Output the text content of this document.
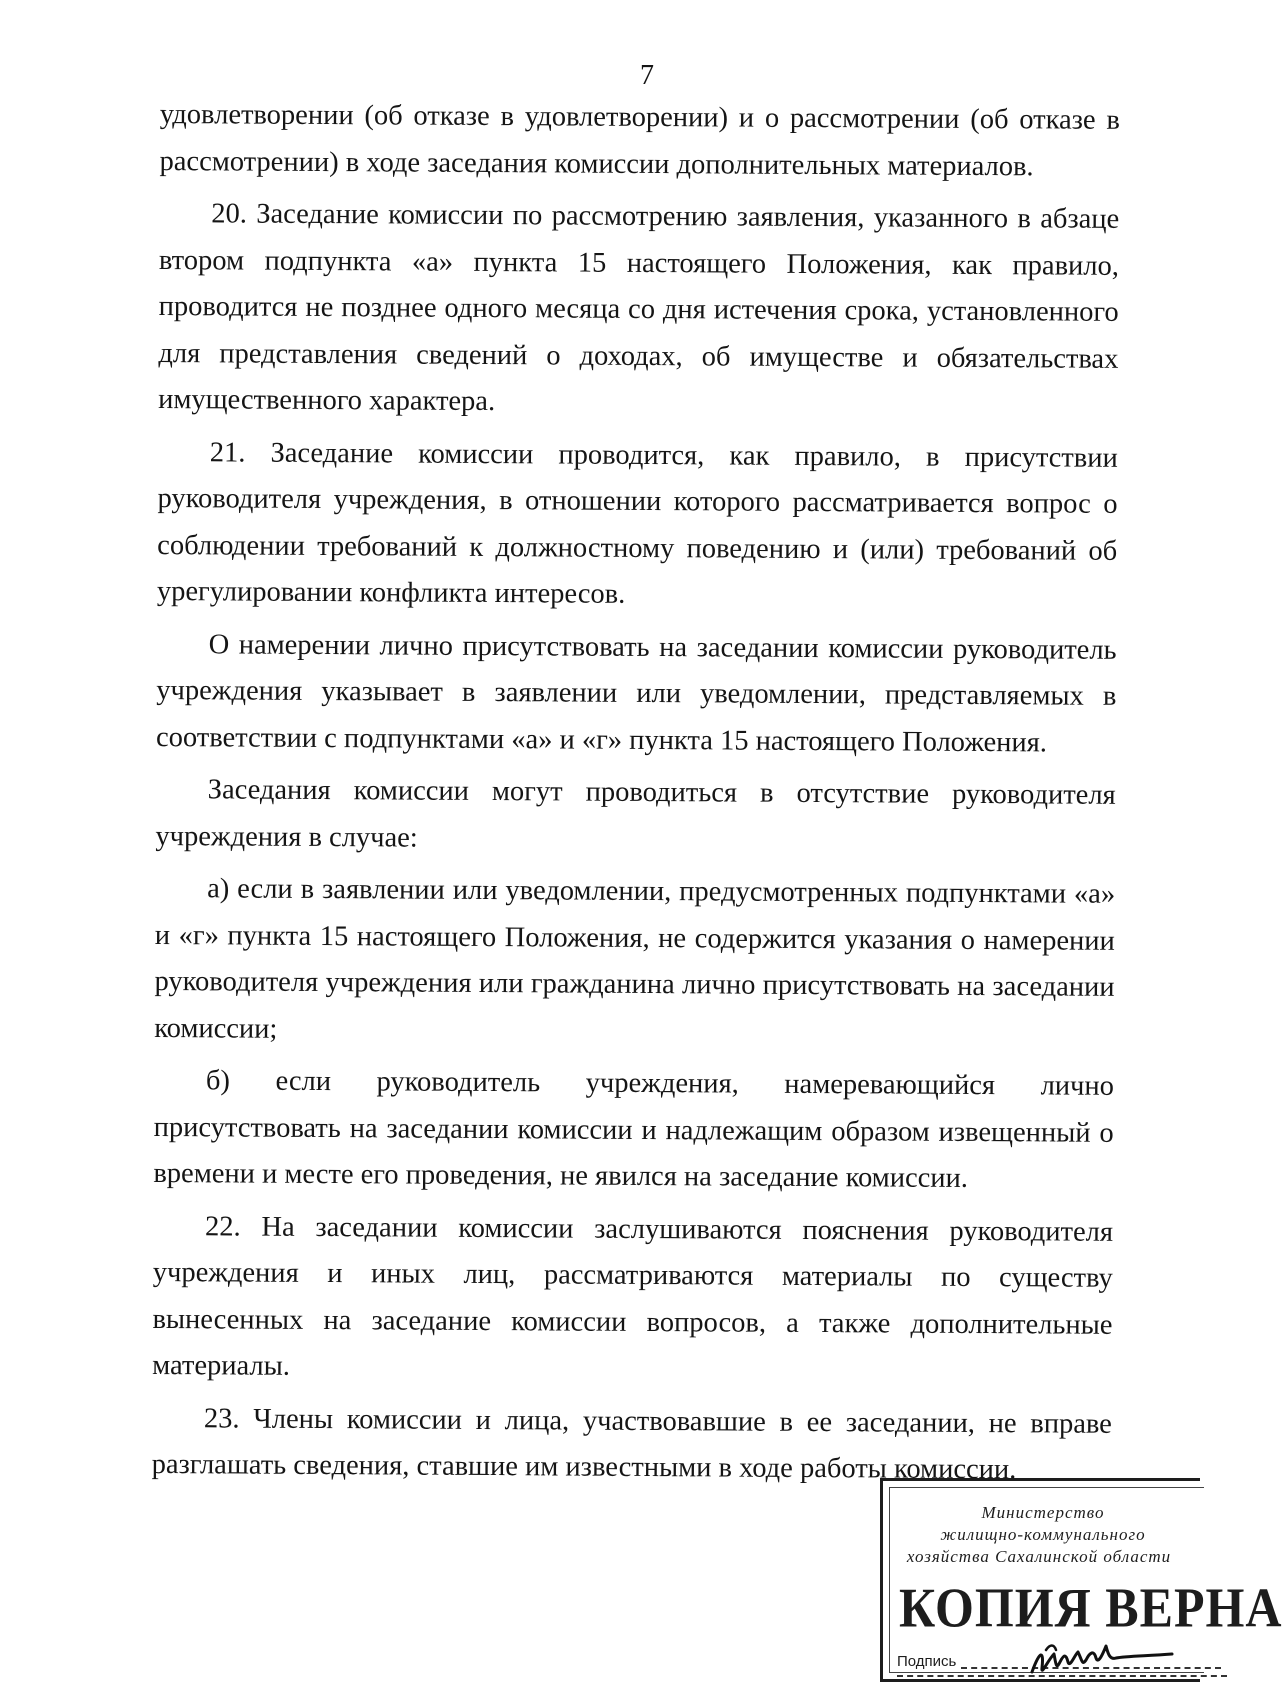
7

удовлетворении (об отказе в удовлетворении) и о рассмотрении (об отказе в рассмотрении) в ходе заседания комиссии дополнительных материалов.

20. Заседание комиссии по рассмотрению заявления, указанного в абзаце втором подпункта «а» пункта 15 настоящего Положения, как правило, проводится не позднее одного месяца со дня истечения срока, установленного для представления сведений о доходах, об имуществе и обязательствах имущественного характера.

21. Заседание комиссии проводится, как правило, в присутствии руководителя учреждения, в отношении которого рассматривается вопрос о соблюдении требований к должностному поведению и (или) требований об урегулировании конфликта интересов.

О намерении лично присутствовать на заседании комиссии руководитель учреждения указывает в заявлении или уведомлении, представляемых в соответствии с подпунктами «а» и «г» пункта 15 настоящего Положения.

Заседания комиссии могут проводиться в отсутствие руководителя учреждения в случае:

а) если в заявлении или уведомлении, предусмотренных подпунктами «а» и «г» пункта 15 настоящего Положения, не содержится указания о намерении руководителя учреждения или гражданина лично присутствовать на заседании комиссии;

б) если руководитель учреждения, намеревающийся лично присутствовать на заседании комиссии и надлежащим образом извещенный о времени и месте его проведения, не явился на заседание комиссии.

22. На заседании комиссии заслушиваются пояснения руководителя учреждения и иных лиц, рассматриваются материалы по существу вынесенных на заседание комиссии вопросов, а также дополнительные материалы.

23. Члены комиссии и лица, участвовавшие в ее заседании, не вправе разглашать сведения, ставшие им известными в ходе работы комиссии.

Министерство
жилищно-коммунального
хозяйства Сахалинской области
КОПИЯ ВЕРНА
Подпись
